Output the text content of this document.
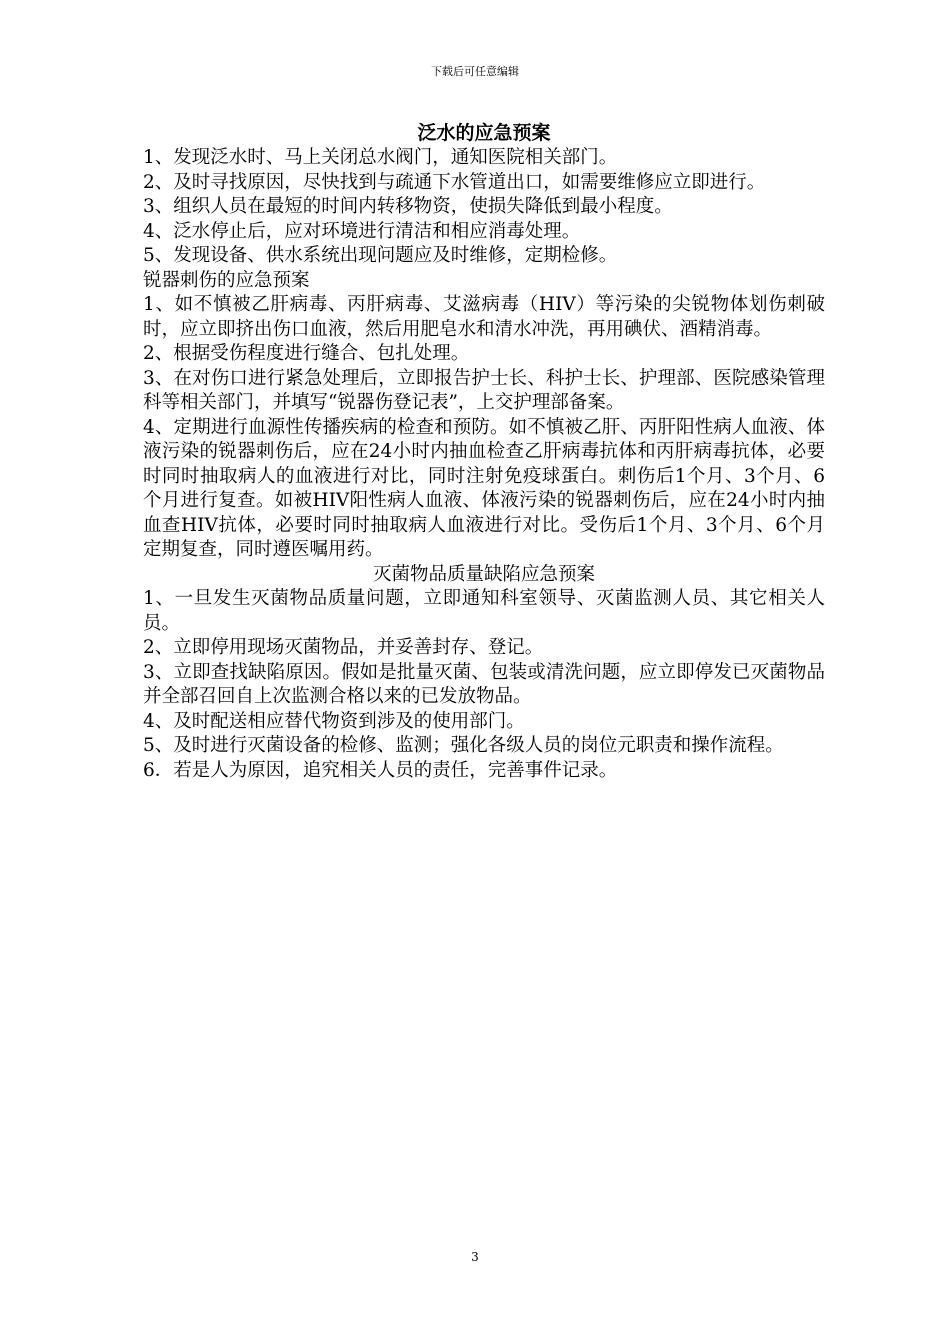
下载后可任意编辑
泛水的应急预案

1、发现泛水时、马上关闭总水阀门，通知医院相关部门。

2、及时寻找原因，尽快找到与疏通下水管道出口，如需要维修应立即进行。

3、组织人员在最短的时间内转移物资，使损失降低到最小程度。

4、泛水停止后，应对环境进行清洁和相应消毒处理。

5、发现设备、供水系统出现问题应及时维修，定期检修。

锐器刺伤的应急预案

1、如不慎被乙肝病毒、丙肝病毒、艾滋病毒（HIV）等污染的尖锐物体划伤刺破时，应立即挤出伤口血液，然后用肥皂水和清水冲洗，再用碘伏、酒精消毒。

2、根据受伤程度进行缝合、包扎处理。

3、在对伤口进行紧急处理后，立即报告护士长、科护士长、护理部、医院感染管理科等相关部门，并填写“锐器伤登记表”，上交护理部备案。

4、定期进行血源性传播疾病的检查和预防。如不慎被乙肝、丙肝阳性病人血液、体液污染的锐器刺伤后，应在24小时内抽血检查乙肝病毒抗体和丙肝病毒抗体，必要时同时抽取病人的血液进行对比，同时注射免疫球蛋白。刺伤后1个月、3个月、6个月进行复查。如被HIV阳性病人血液、体液污染的锐器刺伤后，应在24小时内抽血查HIV抗体，必要时同时抽取病人血液进行对比。受伤后1个月、3个月、6个月定期复查，同时遵医嘱用药。

灭菌物品质量缺陷应急预案

1、一旦发生灭菌物品质量问题，立即通知科室领导、灭菌监测人员、其它相关人员。

2、立即停用现场灭菌物品，并妥善封存、登记。

3、立即查找缺陷原因。假如是批量灭菌、包装或清洗问题，应立即停发已灭菌物品并全部召回自上次监测合格以来的已发放物品。

4、及时配送相应替代物资到涉及的使用部门。

5、及时进行灭菌设备的检修、监测；强化各级人员的岗位元职责和操作流程。

6．若是人为原因，追究相关人员的责任，完善事件记录。

3
